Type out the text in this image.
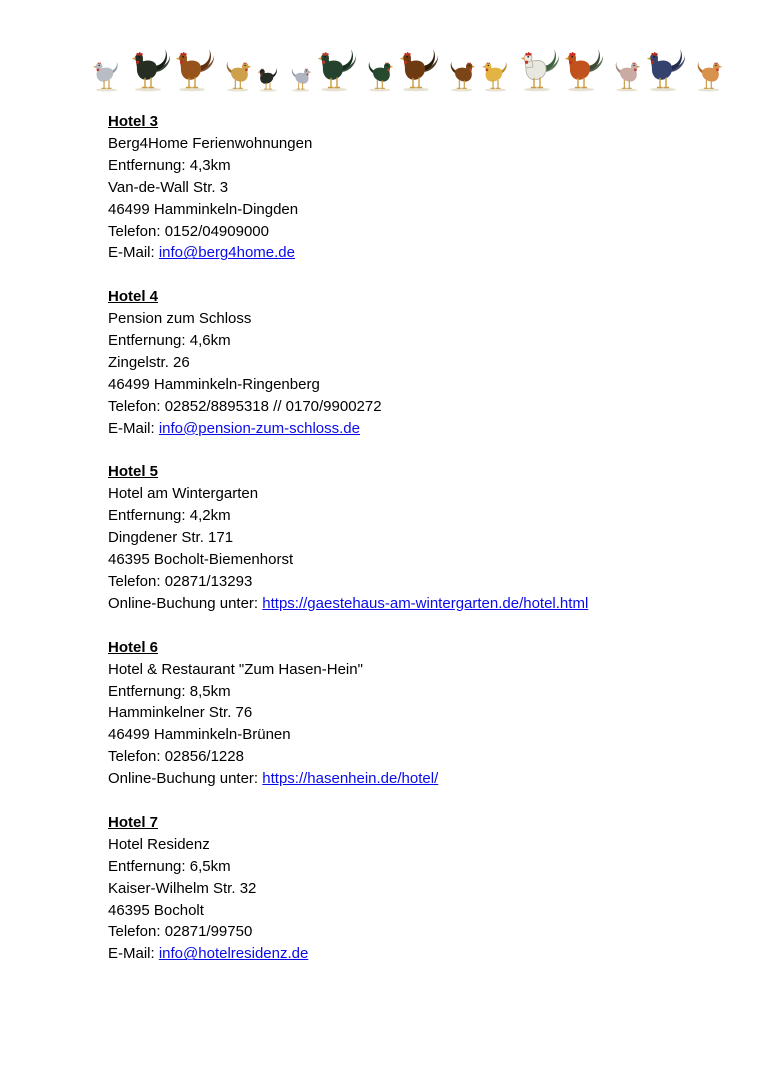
Hotel 3

Berg4Home Ferienwohnungen

Entfernung: 4,3km

Van-de-Wall Str. 3

46499 Hamminkeln-Dingden

Telefon: 0152/04909000

E-Mail: info@berg4home.de

Hotel 4

Pension zum Schloss

Entfernung: 4,6km

Zingelstr. 26

46499 Hamminkeln-Ringenberg

Telefon: 02852/8895318 // 0170/9900272

E-Mail: info@pension-zum-schloss.de

Hotel 5

Hotel am Wintergarten

Entfernung: 4,2km

Dingdener Str. 171

46395 Bocholt-Biemenhorst

Telefon: 02871/13293

Online-Buchung unter: https://gaestehaus-am-wintergarten.de/hotel.html

Hotel 6

Hotel & Restaurant "Zum Hasen-Hein"

Entfernung: 8,5km

Hamminkelner Str. 76

46499 Hamminkeln-Brünen

Telefon: 02856/1228

Online-Buchung unter: https://hasenhein.de/hotel/

Hotel 7

Hotel Residenz

Entfernung: 6,5km

Kaiser-Wilhelm Str. 32

46395 Bocholt

Telefon: 02871/99750

E-Mail: info@hotelresidenz.de
